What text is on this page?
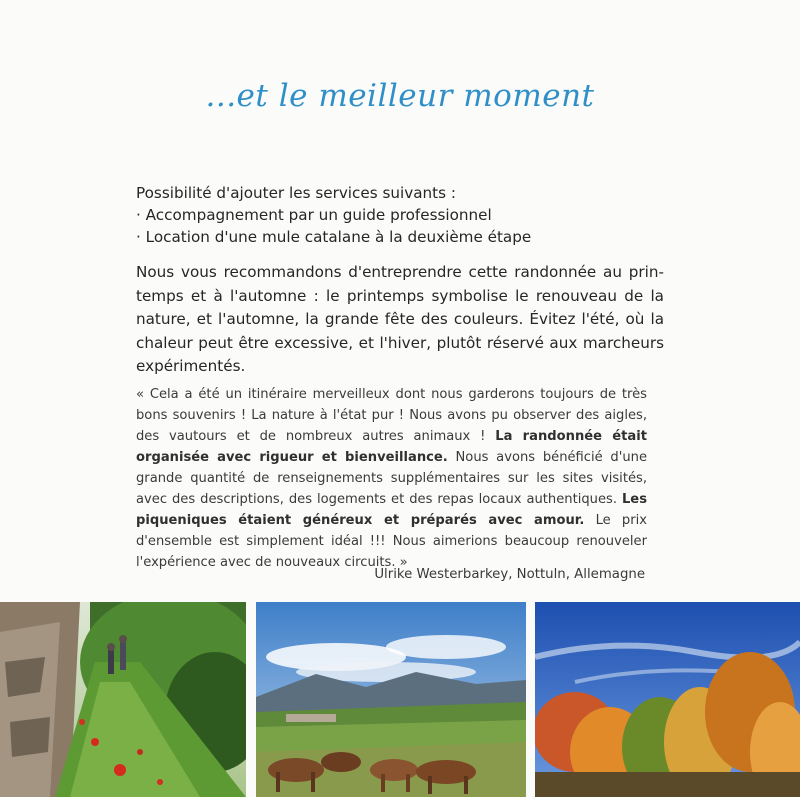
...et le meilleur moment
Possibilité d'ajouter les services suivants :
· Accompagnement par un guide professionnel
· Location d'une mule catalane à la deuxième étape
Nous vous recommandons d'entreprendre cette randonnée au printemps et à l'automne : le printemps symbolise le renouveau de la nature, et l'automne, la grande fête des couleurs. Évitez l'été, où la chaleur peut être excessive, et l'hiver, plutôt réservé aux marcheurs expérimentés.
« Cela a été un itinéraire merveilleux dont nous garderons toujours de très bons souvenirs ! La nature à l'état pur ! Nous avons pu observer des aigles, des vautours et de nombreux autres animaux ! La randonnée était organisée avec rigueur et bienveillance. Nous avons bénéficié d'une grande quantité de renseignements supplémentaires sur les sites visités, avec des descriptions, des logements et des repas locaux authentiques. Les piqueniques étaient généreux et préparés avec amour. Le prix d'ensemble est simplement idéal !!! Nous aimerions beaucoup renouveler l'expérience avec de nouveaux circuits. »
Ulrike Westerbarkey, Nottuln, Allemagne
